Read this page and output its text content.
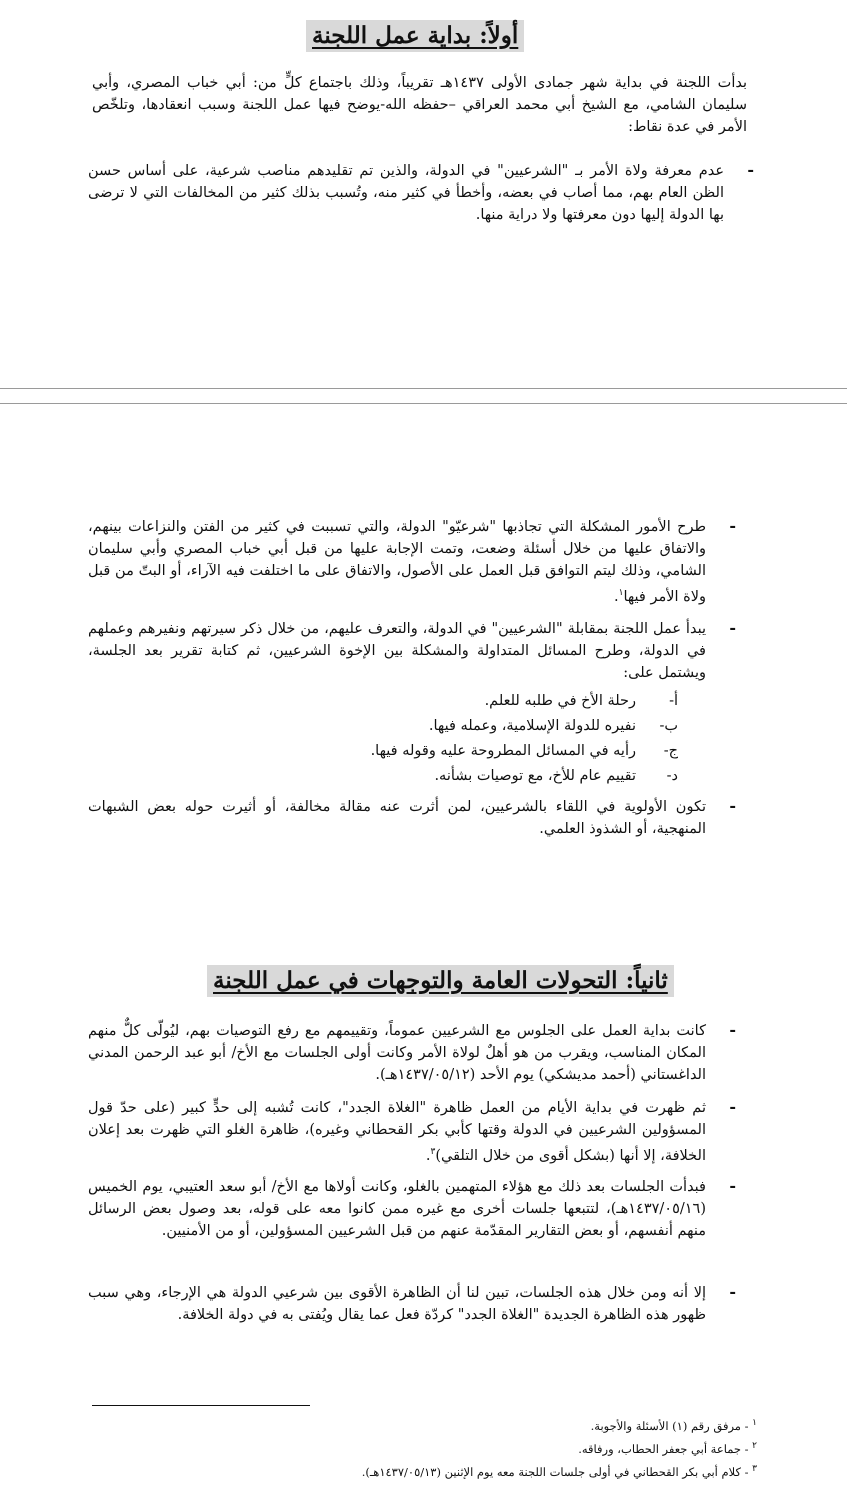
أولاً: بداية عمل اللجنة
بدأت اللجنة في بداية شهر جمادى الأولى ١٤٣٧هـ تقريباً، وذلك باجتماع كلٍّ من: أبي خباب المصري، وأبي سليمان الشامي، مع الشيخ أبي محمد العراقي –حفظه الله-يوضح فيها عمل اللجنة وسبب انعقادها، وتلخّص الأمر في عدة نقاط:
-
عدم معرفة ولاة الأمر بـ "الشرعيين" في الدولة، والذين تم تقليدهم مناصب شرعية، على أساس حسن الظن العام بهم، مما أصاب في بعضه، وأخطأ في كثير منه، وتُسبب بذلك كثير من المخالفات التي لا ترضى بها الدولة إليها دون معرفتها ولا دراية منها.
-
طرح الأمور المشكلة التي تجاذبها "شرعيّو" الدولة، والتي تسببت في كثير من الفتن والنزاعات بينهم، والاتفاق عليها من خلال أسئلة وضعت، وتمت الإجابة عليها من قبل أبي خباب المصري وأبي سليمان الشامي، وذلك ليتم التوافق قبل العمل على الأصول، والاتفاق على ما اختلفت فيه الآراء، أو البتّ من قبل ولاة الأمر فيها$^١$.
-
يبدأ عمل اللجنة بمقابلة "الشرعيين" في الدولة، والتعرف عليهم، من خلال ذكر سيرتهم ونفيرهم وعملهم في الدولة، وطرح المسائل المتداولة والمشكلة بين الإخوة الشرعيين، ثم كتابة تقرير بعد الجلسة، ويشتمل على:
أ-
رحلة الأخ في طلبه للعلم.
ب-
نفيره للدولة الإسلامية، وعمله فيها.
ج-
رأيه في المسائل المطروحة عليه وقوله فيها.
د-
تقييم عام للأخ، مع توصيات بشأنه.
-
تكون الأولوية في اللقاء بالشرعيين، لمن أثرت عنه مقالة مخالفة، أو أثيرت حوله بعض الشبهات المنهجية، أو الشذوذ العلمي.
ثانياً: التحولات العامة والتوجهات في عمل اللجنة
-
كانت بداية العمل على الجلوس مع الشرعيين عموماً، وتقييمهم مع رفع التوصيات بهم، ليُولّى كلٌّ منهم المكان المناسب، ويقرب من هو أهلٌ لولاة الأمر وكانت أولى الجلسات مع الأخ/ أبو عبد الرحمن المدني الداغستاني (أحمد مديشكي) يوم الأحد (١٤٣٧/٠٥/١٢هـ).
-
ثم ظهرت في بداية الأيام من العمل ظاهرة "الغلاة الجدد"، كانت تُشبه إلى حدٍّ كبير (على حدّ قول المسؤولين الشرعيين في الدولة وقتها كأبي بكر القحطاني وغيره)، ظاهرة الغلو التي ظهرت بعد إعلان الخلافة، إلا أنها (بشكل أقوى من خلال التلقي)$^٣$.
-
فبدأت الجلسات بعد ذلك مع هؤلاء المتهمين بالغلو، وكانت أولاها مع الأخ/ أبو سعد العتيبي، يوم الخميس (١٤٣٧/٠٥/١٦هـ)، لتتبعها جلسات أخرى مع غيره ممن كانوا معه على قوله، بعد وصول بعض الرسائل منهم أنفسهم، أو بعض التقارير المقدّمة عنهم من قبل الشرعيين المسؤولين، أو من الأمنيين.
-
إلا أنه ومن خلال هذه الجلسات، تبين لنا أن الظاهرة الأقوى بين شرعيي الدولة هي الإرجاء، وهي سبب ظهور هذه الظاهرة الجديدة "الغلاة الجدد" كردّة فعل عما يقال ويُفتى به في دولة الخلافة.
$^١$ - مرفق رقم (١) الأسئلة والأجوبة.
$^٢$ - جماعة أبي جعفر الحطاب، ورفاقه.
$^٣$ - كلام أبي بكر القحطاني في أولى جلسات اللجنة معه يوم الإثنين (١٤٣٧/٠٥/١٣هـ).
